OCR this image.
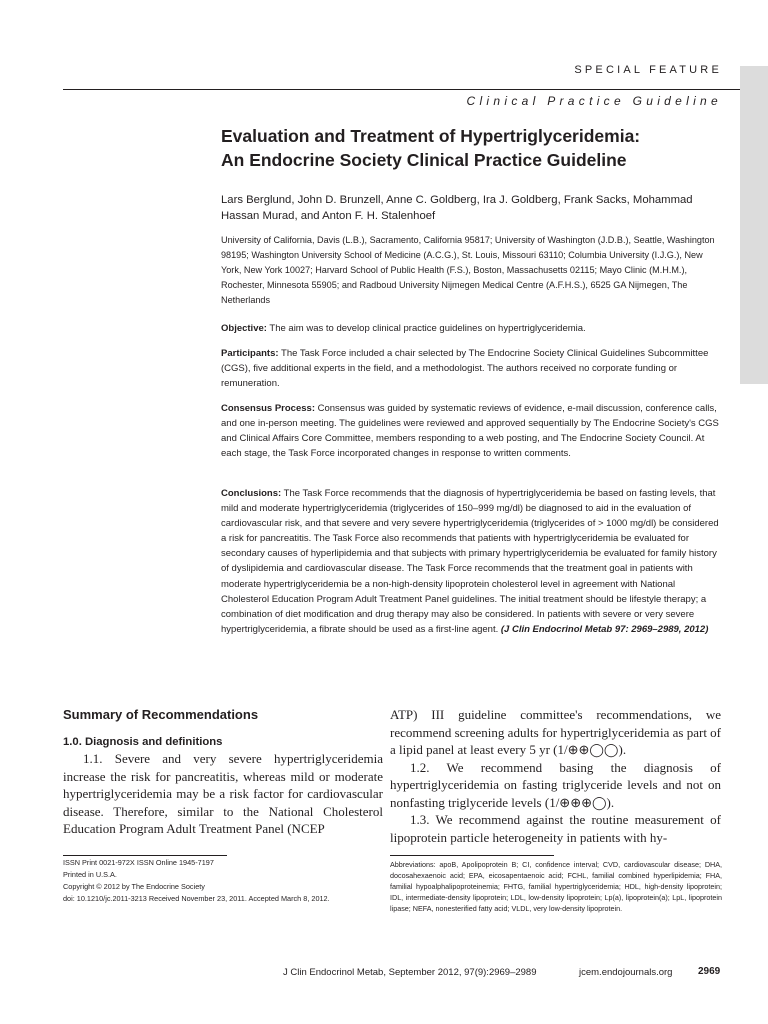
SPECIAL FEATURE
Clinical Practice Guideline
Evaluation and Treatment of Hypertriglyceridemia:
An Endocrine Society Clinical Practice Guideline
Lars Berglund, John D. Brunzell, Anne C. Goldberg, Ira J. Goldberg, Frank Sacks, Mohammad Hassan Murad, and Anton F. H. Stalenhoef
University of California, Davis (L.B.), Sacramento, California 95817; University of Washington (J.D.B.), Seattle, Washington 98195; Washington University School of Medicine (A.C.G.), St. Louis, Missouri 63110; Columbia University (I.J.G.), New York, New York 10027; Harvard School of Public Health (F.S.), Boston, Massachusetts 02115; Mayo Clinic (M.H.M.), Rochester, Minnesota 55905; and Radboud University Nijmegen Medical Centre (A.F.H.S.), 6525 GA Nijmegen, The Netherlands

Objective: The aim was to develop clinical practice guidelines on hypertriglyceridemia.

Participants: The Task Force included a chair selected by The Endocrine Society Clinical Guidelines Subcommittee (CGS), five additional experts in the field, and a methodologist. The authors received no corporate funding or remuneration.

Consensus Process: Consensus was guided by systematic reviews of evidence, e-mail discussion, conference calls, and one in-person meeting. The guidelines were reviewed and approved sequentially by The Endocrine Society's CGS and Clinical Affairs Core Committee, members responding to a web posting, and The Endocrine Society Council. At each stage, the Task Force incorporated changes in response to written comments.

Conclusions: The Task Force recommends that the diagnosis of hypertriglyceridemia be based on fasting levels, that mild and moderate hypertriglyceridemia (triglycerides of 150–999 mg/dl) be diagnosed to aid in the evaluation of cardiovascular risk, and that severe and very severe hypertriglyceridemia (triglycerides of > 1000 mg/dl) be considered a risk for pancreatitis. The Task Force also recommends that patients with hypertriglyceridemia be evaluated for secondary causes of hyperlipidemia and that subjects with primary hypertriglyceridemia be evaluated for family history of dyslipidemia and cardiovascular disease. The Task Force recommends that the treatment goal in patients with moderate hypertriglyceridemia be a non-high-density lipoprotein cholesterol level in agreement with National Cholesterol Education Program Adult Treatment Panel guidelines. The initial treatment should be lifestyle therapy; a combination of diet modification and drug therapy may also be considered. In patients with severe or very severe hypertriglyceridemia, a fibrate should be used as a first-line agent. (J Clin Endocrinol Metab 97: 2969–2989, 2012)

Summary of Recommendations
1.0. Diagnosis and definitions

1.1. Severe and very severe hypertriglyceridemia increase the risk for pancreatitis, whereas mild or moderate hypertriglyceridemia may be a risk factor for cardiovascular disease. Therefore, similar to the National Cholesterol Education Program Adult Treatment Panel (NCEP

ATP) III guideline committee's recommendations, we recommend screening adults for hypertriglyceridemia as part of a lipid panel at least every 5 yr (1/⊕⊕◯◯).

1.2. We recommend basing the diagnosis of hypertriglyceridemia on fasting triglyceride levels and not on nonfasting triglyceride levels (1/⊕⊕⊕◯).

1.3. We recommend against the routine measurement of lipoprotein particle heterogeneity in patients with hy-

ISSN Print 0021-972X ISSN Online 1945-7197
Printed in U.S.A.
Copyright © 2012 by The Endocrine Society
doi: 10.1210/jc.2011-3213 Received November 23, 2011. Accepted March 8, 2012.
Abbreviations: apoB, Apolipoprotein B; CI, confidence interval; CVD, cardiovascular disease; DHA, docosahexaenoic acid; EPA, eicosapentaenoic acid; FCHL, familial combined hyperlipidemia; FHA, familial hypoalphalipoproteinemia; FHTG, familial hypertriglyceridemia; HDL, high-density lipoprotein; IDL, intermediate-density lipoprotein; LDL, low-density lipoprotein; Lp(a), lipoprotein(a); LpL, lipoprotein lipase; NEFA, nonesterified fatty acid; VLDL, very low-density lipoprotein.
J Clin Endocrinol Metab, September 2012, 97(9):2969–2989	jcem.endojournals.org	2969
